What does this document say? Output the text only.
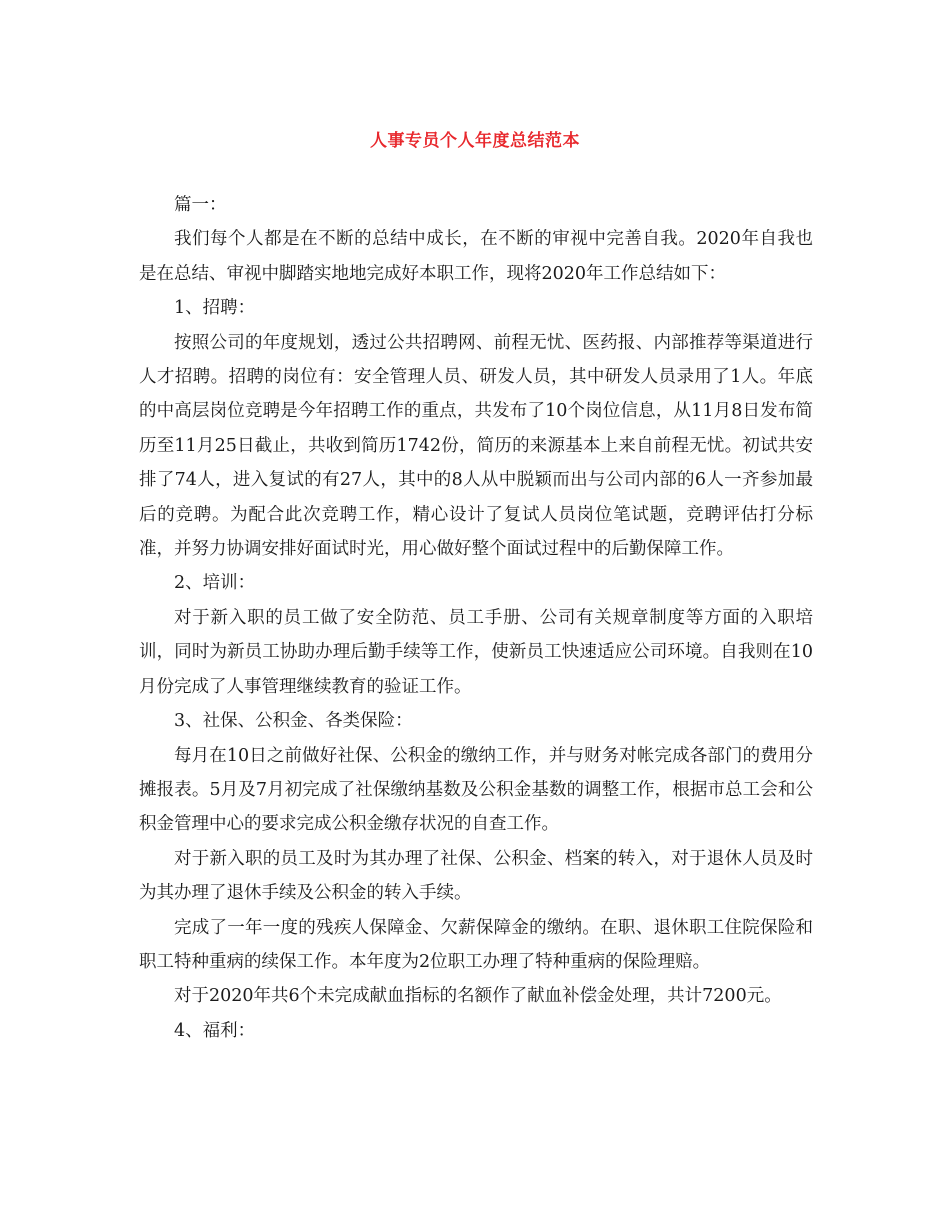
人事专员个人年度总结范本

篇一：

我们每个人都是在不断的总结中成长，在不断的审视中完善自我。2020年自我也是在总结、审视中脚踏实地地完成好本职工作，现将2020年工作总结如下：

1、招聘：

按照公司的年度规划，透过公共招聘网、前程无忧、医药报、内部推荐等渠道进行人才招聘。招聘的岗位有：安全管理人员、研发人员，其中研发人员录用了1人。年底的中高层岗位竞聘是今年招聘工作的重点，共发布了10个岗位信息，从11月8日发布简历至11月25日截止，共收到简历1742份，简历的来源基本上来自前程无忧。初试共安排了74人，进入复试的有27人，其中的8人从中脱颖而出与公司内部的6人一齐参加最后的竞聘。为配合此次竞聘工作，精心设计了复试人员岗位笔试题，竞聘评估打分标准，并努力协调安排好面试时光，用心做好整个面试过程中的后勤保障工作。

2、培训：

对于新入职的员工做了安全防范、员工手册、公司有关规章制度等方面的入职培训，同时为新员工协助办理后勤手续等工作，使新员工快速适应公司环境。自我则在10月份完成了人事管理继续教育的验证工作。

3、社保、公积金、各类保险：

每月在10日之前做好社保、公积金的缴纳工作，并与财务对帐完成各部门的费用分摊报表。5月及7月初完成了社保缴纳基数及公积金基数的调整工作，根据市总工会和公积金管理中心的要求完成公积金缴存状况的自查工作。

对于新入职的员工及时为其办理了社保、公积金、档案的转入，对于退休人员及时为其办理了退休手续及公积金的转入手续。

完成了一年一度的残疾人保障金、欠薪保障金的缴纳。在职、退休职工住院保险和职工特种重病的续保工作。本年度为2位职工办理了特种重病的保险理赔。

对于2020年共6个未完成献血指标的名额作了献血补偿金处理，共计7200元。

4、福利：
